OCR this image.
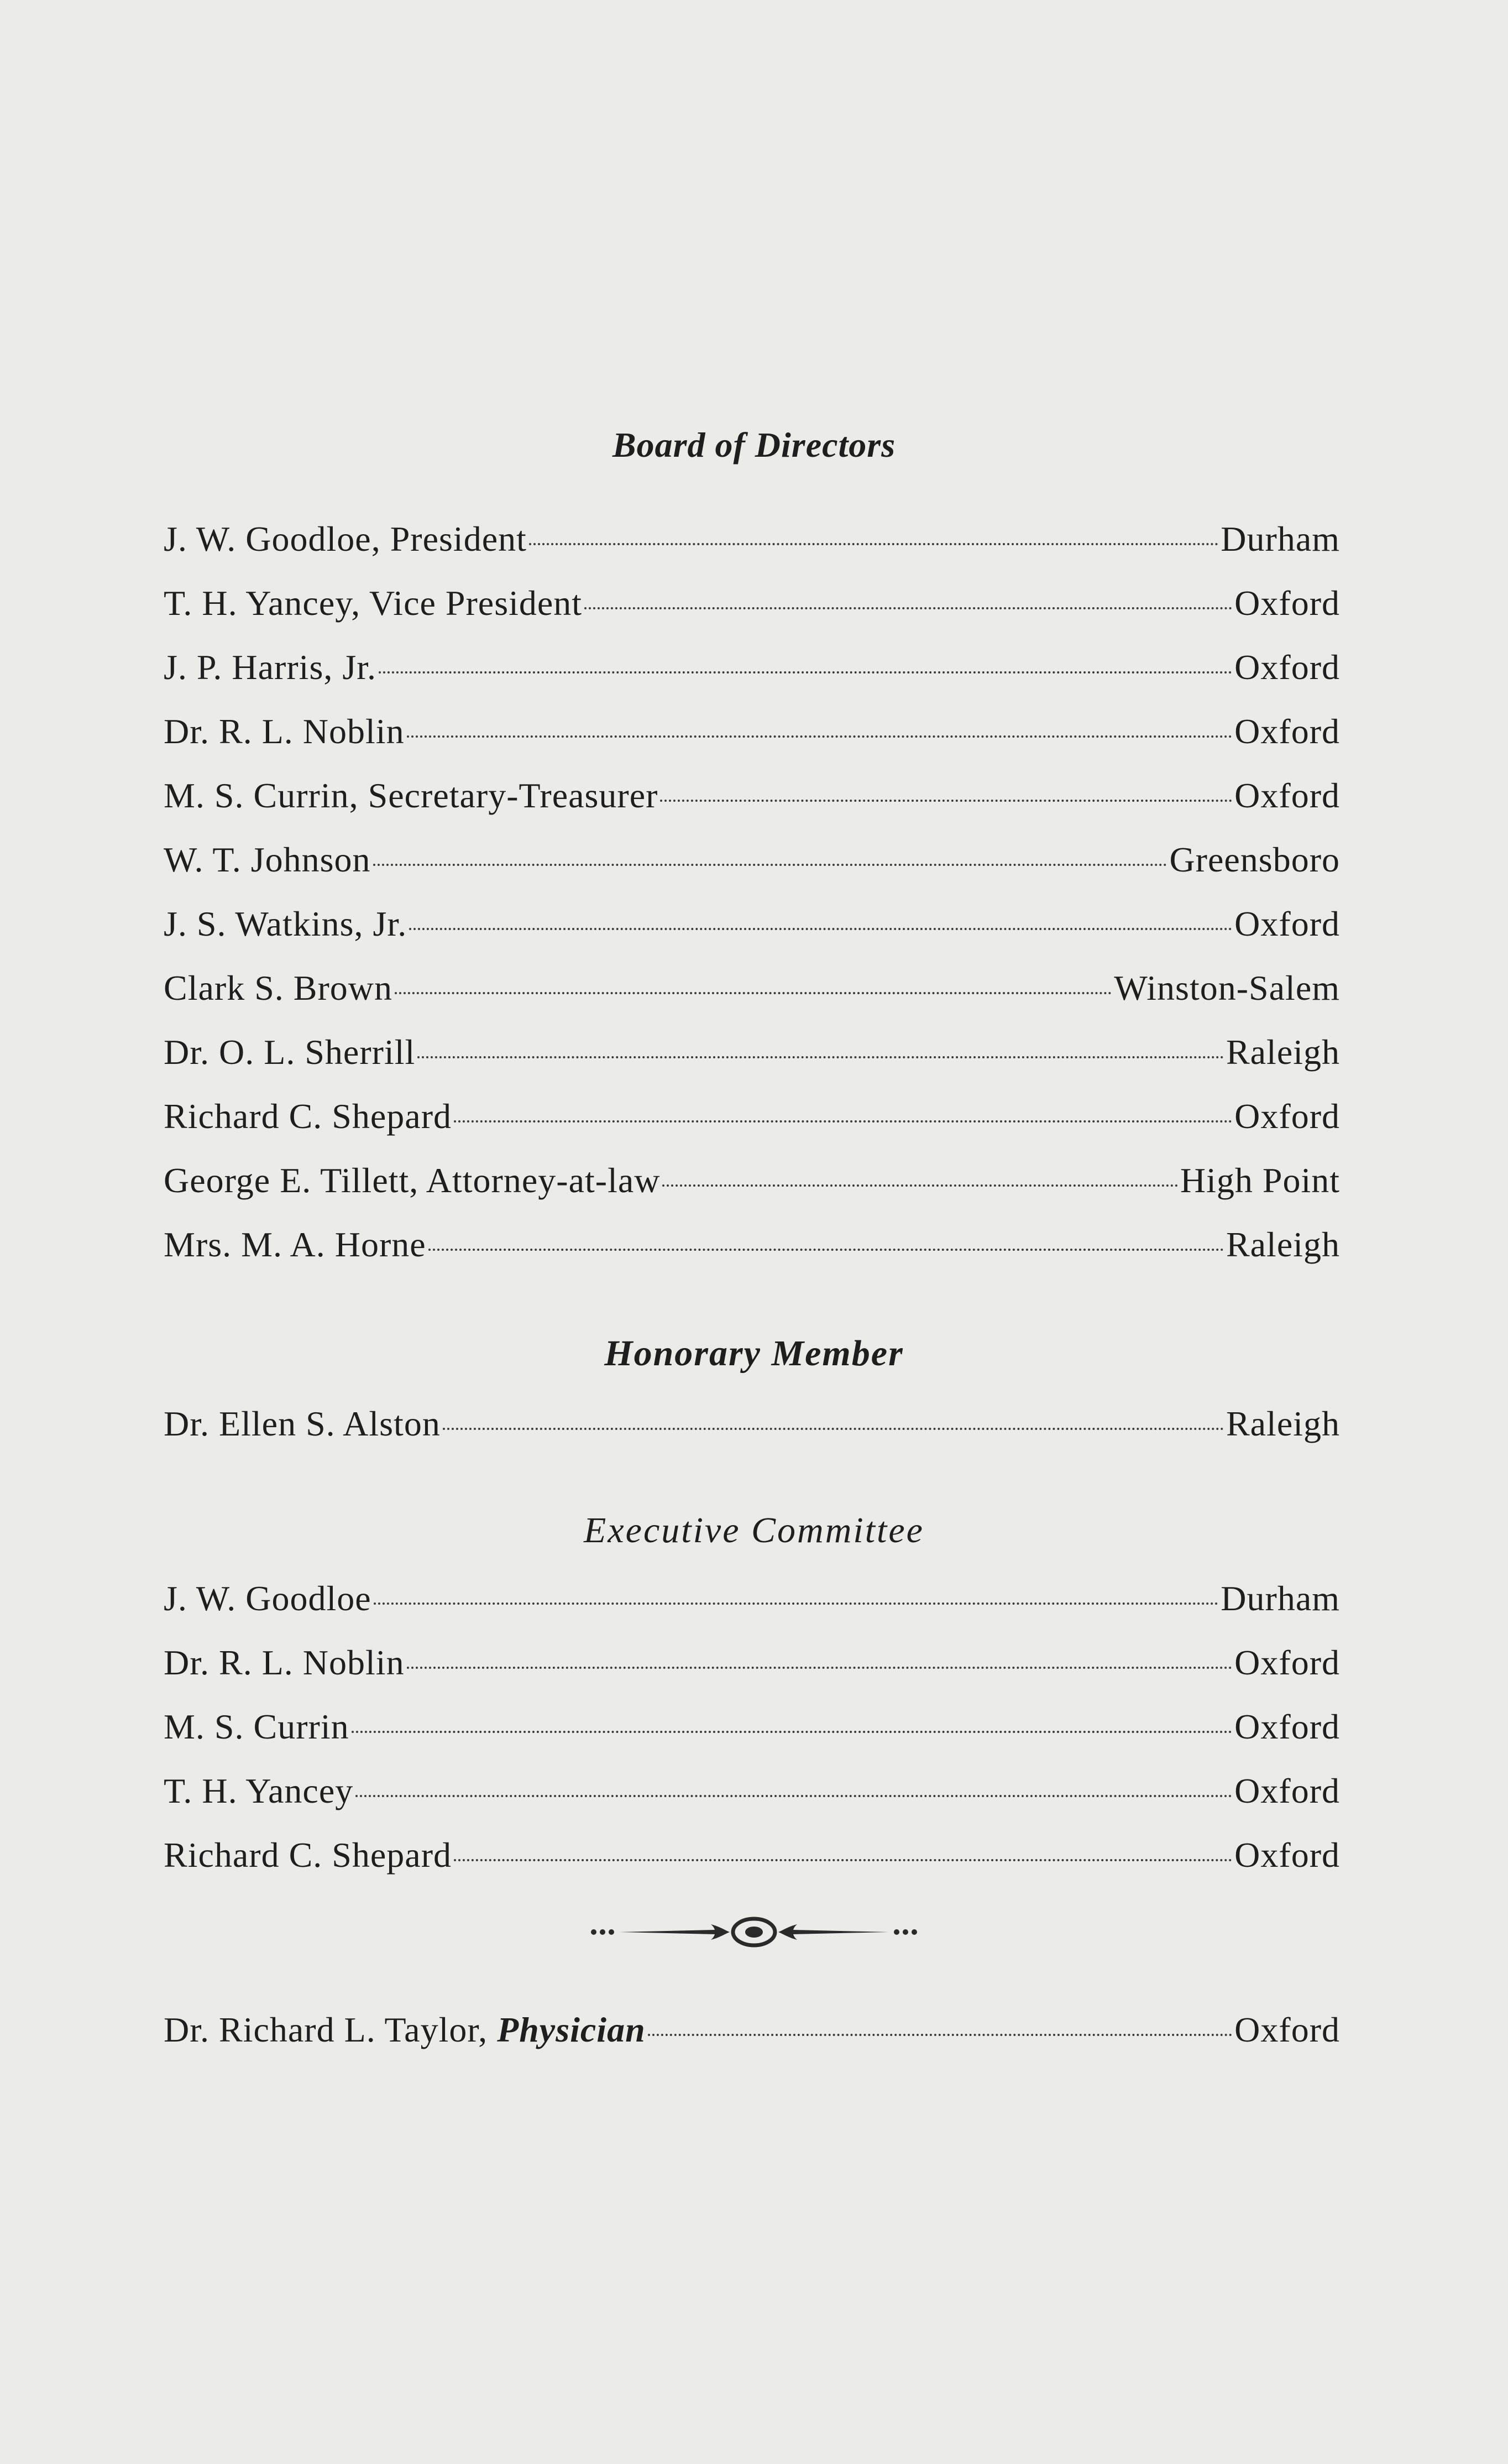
Board of Directors
J. W. Goodloe, President	Durham
T. H. Yancey, Vice President	Oxford
J. P. Harris, Jr.	Oxford
Dr. R. L. Noblin	Oxford
M. S. Currin, Secretary-Treasurer	Oxford
W. T. Johnson	Greensboro
J. S. Watkins, Jr.	Oxford
Clark S. Brown	Winston-Salem
Dr. O. L. Sherrill	Raleigh
Richard C. Shepard	Oxford
George E. Tillett, Attorney-at-law	High Point
Mrs. M. A. Horne	Raleigh
Honorary Member
Dr. Ellen S. Alston	Raleigh
Executive Committee
J. W. Goodloe	Durham
Dr. R. L. Noblin	Oxford
M. S. Currin	Oxford
T. H. Yancey	Oxford
Richard C. Shepard	Oxford
Dr. Richard L. Taylor, Physician	Oxford
